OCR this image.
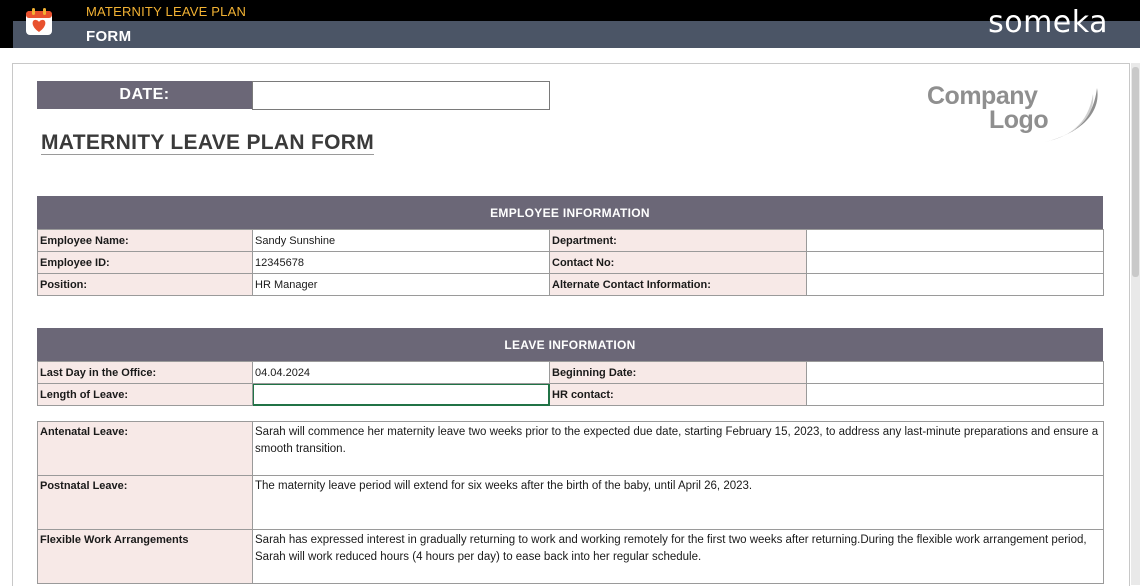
MATERNITY LEAVE PLAN
FORM	someka
DATE:
MATERNITY LEAVE PLAN FORM
Company
Logo
EMPLOYEE INFORMATION
Employee Name:	Sandy Sunshine	Department:	
Employee ID:	12345678	Contact No:	
Position:	HR Manager	Alternate Contact Information:	
LEAVE INFORMATION
Last Day in the Office:	04.04.2024	Beginning Date:	
Length of Leave:		HR contact:	
Antenatal Leave:	Sarah will commence her maternity leave two weeks prior to the expected due date, starting February 15, 2023, to address any last-minute preparations and ensure a smooth transition.
Postnatal Leave:	The maternity leave period will extend for six weeks after the birth of the baby, until April 26, 2023.
Flexible Work Arrangements	Sarah has expressed interest in gradually returning to work and working remotely for the first two weeks after returning.During the flexible work arrangement period, Sarah will work reduced hours (4 hours per day) to ease back into her regular schedule.
